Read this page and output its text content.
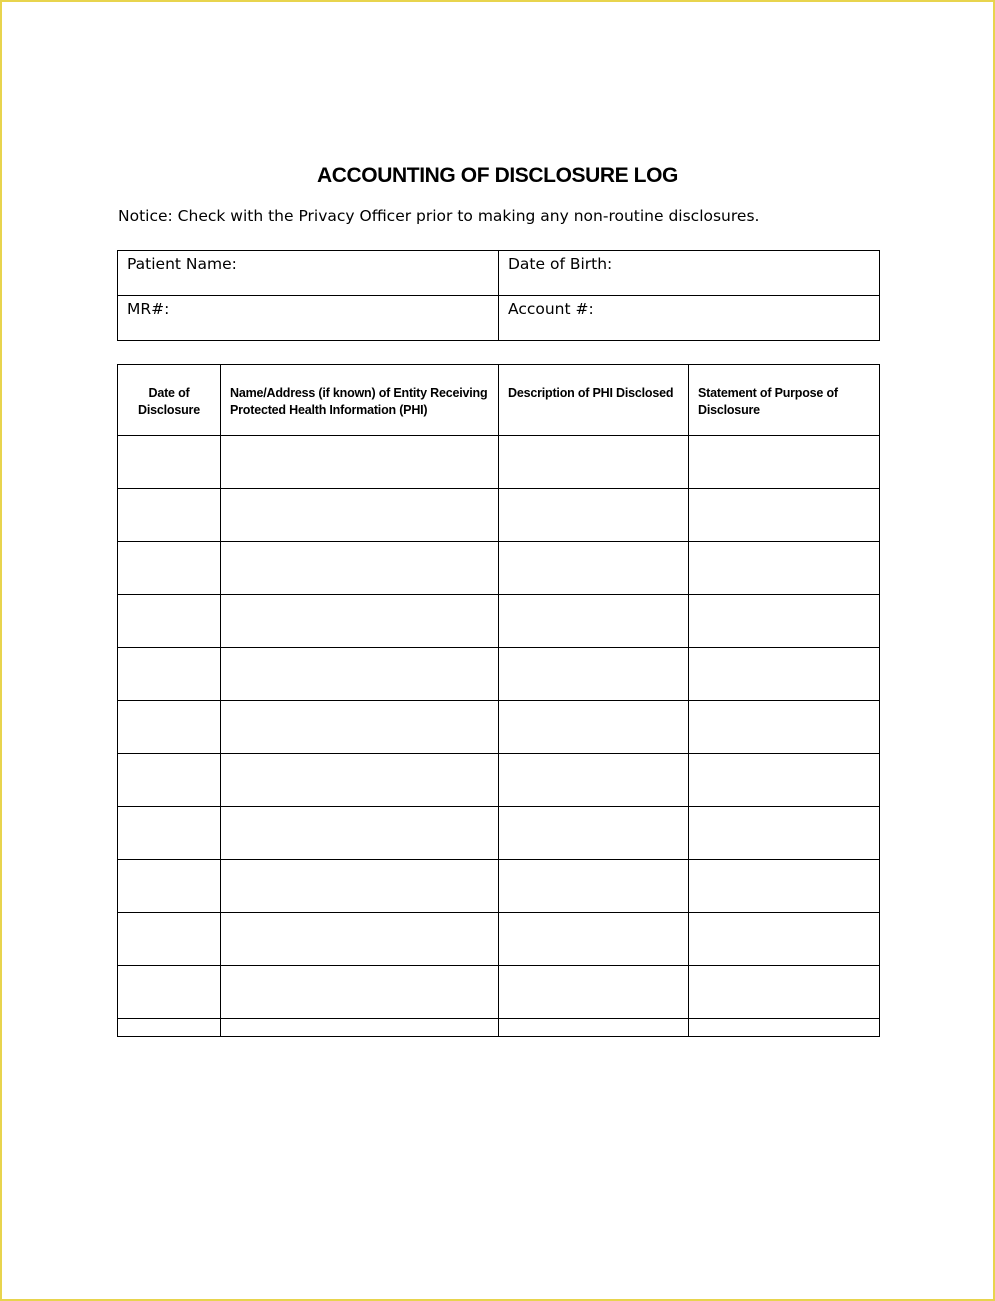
ACCOUNTING OF DISCLOSURE LOG

Notice: Check with the Privacy Officer prior to making any non-routine disclosures.

Patient Name:	Date of Birth:
MR#:	Account #:
Date of Disclosure	Name/Address (if known) of Entity Receiving Protected Health Information (PHI)	Description of PHI Disclosed	Statement of Purpose of Disclosure
